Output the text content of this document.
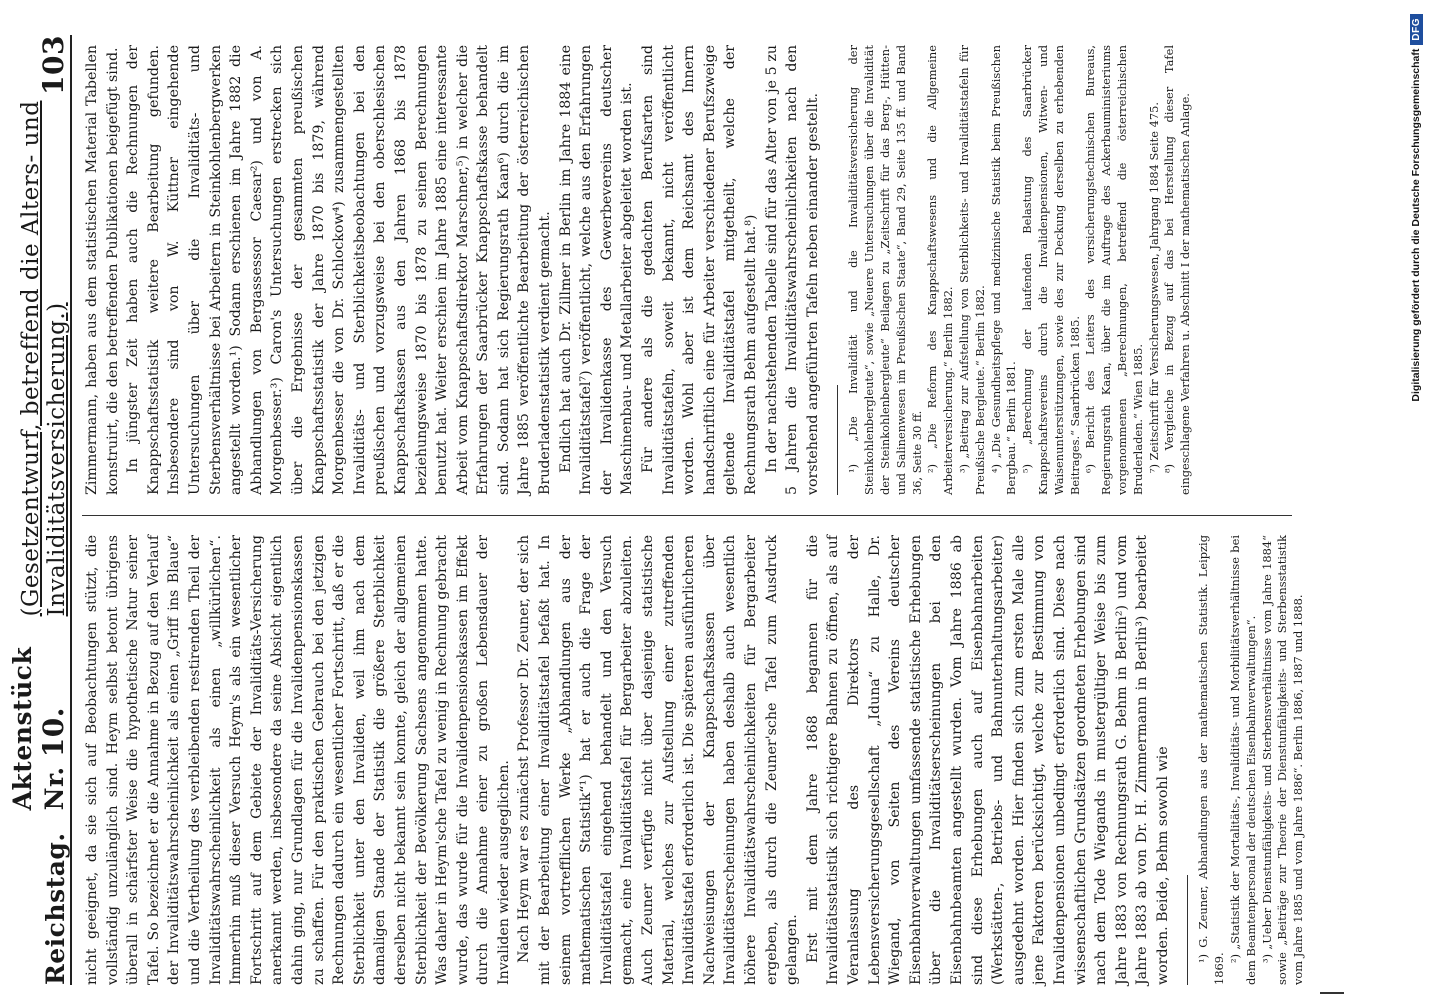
Reichstag.
Aktenstück Nr. 10.
(Gesetzentwurf, betreffend die Alters- und Invaliditätsversicherung.)
103

nicht geeignet, da sie sich auf Beobachtungen stützt, die vollständig unzulänglich sind. Heym selbst betont übrigens überall in schärfster Weise die hypothetische Natur seiner Tafel. So bezeichnet er die Annahme in Bezug auf den Verlauf der Invaliditätswahrscheinlichkeit als einen „Griff ins Blaue“ und die Vertheilung des verbleibenden restirenden Theil der Invaliditätswahrscheinlichkeit als einen „willkürlichen“. Immerhin muß dieser Versuch Heym's als ein wesentlicher Fortschritt auf dem Gebiete der Invaliditäts-Versicherung anerkannt werden, insbesondere da seine Absicht eigentlich dahin ging, nur Grundlagen für die Invalidenpensionskassen zu schaffen. Für den praktischen Gebrauch bei den jetzigen Rechnungen dadurch ein wesentlicher Fortschritt, daß er die Sterblichkeit unter den Invaliden, weil ihm nach dem damaligen Stande der Statistik die größere Sterblichkeit derselben nicht bekannt sein konnte, gleich der allgemeinen Sterblichkeit der Bevölkerung Sachsens angenommen hatte. Was daher in Heym'sche Tafel zu wenig in Rechnung gebracht wurde, das wurde für die Invalidenpensionskassen im Effekt durch die Annahme einer zu großen Lebensdauer der Invaliden wieder ausgeglichen. Nach Heym war es zunächst Professor Dr. Zeuner, der sich mit der Bearbeitung einer Invaliditätstafel befaßt hat. In seinem vortrefflichen Werke „Abhandlungen aus der mathematischen Statistik“¹) hat er auch die Frage der Invaliditätstafel eingehend behandelt und den Versuch gemacht, eine Invaliditätstafel für Bergarbeiter abzuleiten. Auch Zeuner verfügte nicht über dasjenige statistische Material, welches zur Aufstellung einer zutreffenden Invaliditätstafel erforderlich ist. Die späteren ausführlicheren Nachweisungen der Knappschaftskassen über Invaliditätserscheinungen haben deshalb auch wesentlich höhere Invaliditätswahrscheinlichkeiten für Bergarbeiter ergeben, als durch die Zeuner'sche Tafel zum Ausdruck gelangen. Erst mit dem Jahre 1868 begannen für die Invaliditätsstatistik sich richtigere Bahnen zu öffnen, als auf Veranlassung des Direktors der Lebensversicherungsgesellschaft „Iduna“ zu Halle, Dr. Wiegand, von Seiten des Vereins deutscher Eisenbahnverwaltungen umfassende statistische Erhebungen über die Invaliditätserscheinungen bei den Eisenbahnbeamten angestellt wurden. Vom Jahre 1886 ab sind diese Erhebungen auch auf Eisenbahnarbeiten (Werkstätten-, Betriebs- und Bahnunterhaltungsarbeiter) ausgedehnt worden. Hier finden sich zum ersten Male alle jene Faktoren berücksichtigt, welche zur Bestimmung von Invalidenpensionen unbedingt erforderlich sind. Diese nach wissenschaftlichen Grundsätzen geordneten Erhebungen sind nach dem Tode Wiegands in mustergültiger Weise bis zum Jahre 1883 von Rechnungsrath G. Behm in Berlin²) und vom Jahre 1883 ab von Dr. H. Zimmermann in Berlin³) bearbeitet worden. Beide, Behm sowohl wie ¹) G. Zeuner, Abhandlungen aus der mathematischen Statistik. Leipzig 1869.

²) „Statistik der Mortalitäts-, Invaliditäts- und Morbilitätsverhältnisse bei dem Beamtenpersonal der deutschen Eisenbahnverwaltungen“. ³) „Ueber Dienstunfähigkeits- und Sterbensverhältnisse vom Jahre 1884“ sowie „Beiträge zur Theorie der Dienstunfähigkeits- und Sterbensstatistik vom Jahre 1885 und vom Jahre 1886“. Berlin 1886, 1887 und 1888.

Zimmermann, haben aus dem statistischen Material Tabellen konstruirt, die den betreffenden Publikationen beigefügt sind. In jüngster Zeit haben auch die Rechnungen der Knappschaftsstatistik weitere Bearbeitung gefunden. Insbesondere sind von W. Küttner eingehende Untersuchungen über die Invaliditäts- und Sterbensverhältnisse bei Arbeitern in Steinkohlenbergwerken angestellt worden.¹) Sodann erschienen im Jahre 1882 die Abhandlungen von Bergassessor Caesar²) und von A. Morgenbesser.³) Caron's Untersuchungen erstrecken sich über die Ergebnisse der gesammten preußischen Knappschaftsstatistik der Jahre 1870 bis 1879, während Morgenbesser die von Dr. Schlockow⁴) zusammengestellten Invaliditäts- und Sterblichkeitsbeobachtungen bei den preußischen und vorzugsweise bei den oberschlesischen Knappschaftskassen aus den Jahren 1868 bis 1878 beziehungsweise 1870 bis 1878 zu seinen Berechnungen benutzt hat. Weiter erschien im Jahre 1885 eine interessante Arbeit vom Knappschaftsdirektor Marschner,⁵) in welcher die Erfahrungen der Saarbrücker Knappschaftskasse behandelt sind. Sodann hat sich Regierungsrath Kaan⁶) durch die im Jahre 1885 veröffentlichte Bearbeitung der österreichischen Bruderladenstatistik verdient gemacht. Endlich hat auch Dr. Zillmer in Berlin im Jahre 1884 eine Invaliditätstafel⁷) veröffentlicht, welche aus den Erfahrungen der Invalidenkasse des Gewerbevereins deutscher Maschinenbau- und Metallarbeiter abgeleitet worden ist. Für andere als die gedachten Berufsarten sind Invaliditätstafeln, soweit bekannt, nicht veröffentlicht worden. Wohl aber ist dem Reichsamt des Innern handschriftlich eine für Arbeiter verschiedener Berufszweige geltende Invaliditätstafel mitgetheilt, welche der Rechnungsrath Behm aufgestellt hat.⁸) In der nachstehenden Tabelle sind für das Alter von je 5 zu 5 Jahren die Invaliditätswahrscheinlichkeiten nach den vorstehend angeführten Tafeln neben einander gestellt. ¹) „Die Invalidität und die Invaliditätsversicherung der Steinkohlenbergleute“, sowie „Neuere Untersuchungen über die Invalidität der Steinkohlenbergleute“ Beilagen zu „Zeitschrift für das Berg-, Hütten- und Salinenwesen im Preußischen Staate“, Band 29, Seite 135 ff. und Band 36, Seite 30 ff. ²) „Die Reform des Knappschaftswesens und die Allgemeine Arbeiterversicherung.“ Berlin 1882. ³) „Beitrag zur Aufstellung von Sterblichkeits- und Invaliditätstafeln für Preußische Bergleute.“ Berlin 1882. ⁴) „Die Gesundheitspflege und medizinische Statistik beim Preußischen Bergbau.“ Berlin 1881. ⁵) „Berechnung der laufenden Belastung des Saarbrücker Knappschaftsvereins durch die Invalidenpensionen, Witwen- und Waisenunterstützungen, sowie des zur Deckung derselben zu erhebenden Beitrages.“ Saarbrücken 1885. ⁶) Bericht des Leiters des versicherungstechnischen Bureaus, Regierungsrath Kaan, über die im Auftrage des Ackerbauministeriums vorgenommenen „Berechnungen, betreffend die österreichischen Bruderladen.“ Wien 1885. ⁷) Zeitschrift für Versicherungswesen, Jahrgang 1884 Seite 475. ⁸) Vergleiche in Bezug auf das bei Herstellung dieser Tafel eingeschlagene Verfahren u. Abschnitt I der mathematischen Anlage.	Digitalisierung gefördert durch die Deutsche Forschungsgemeinschaft
DFG
